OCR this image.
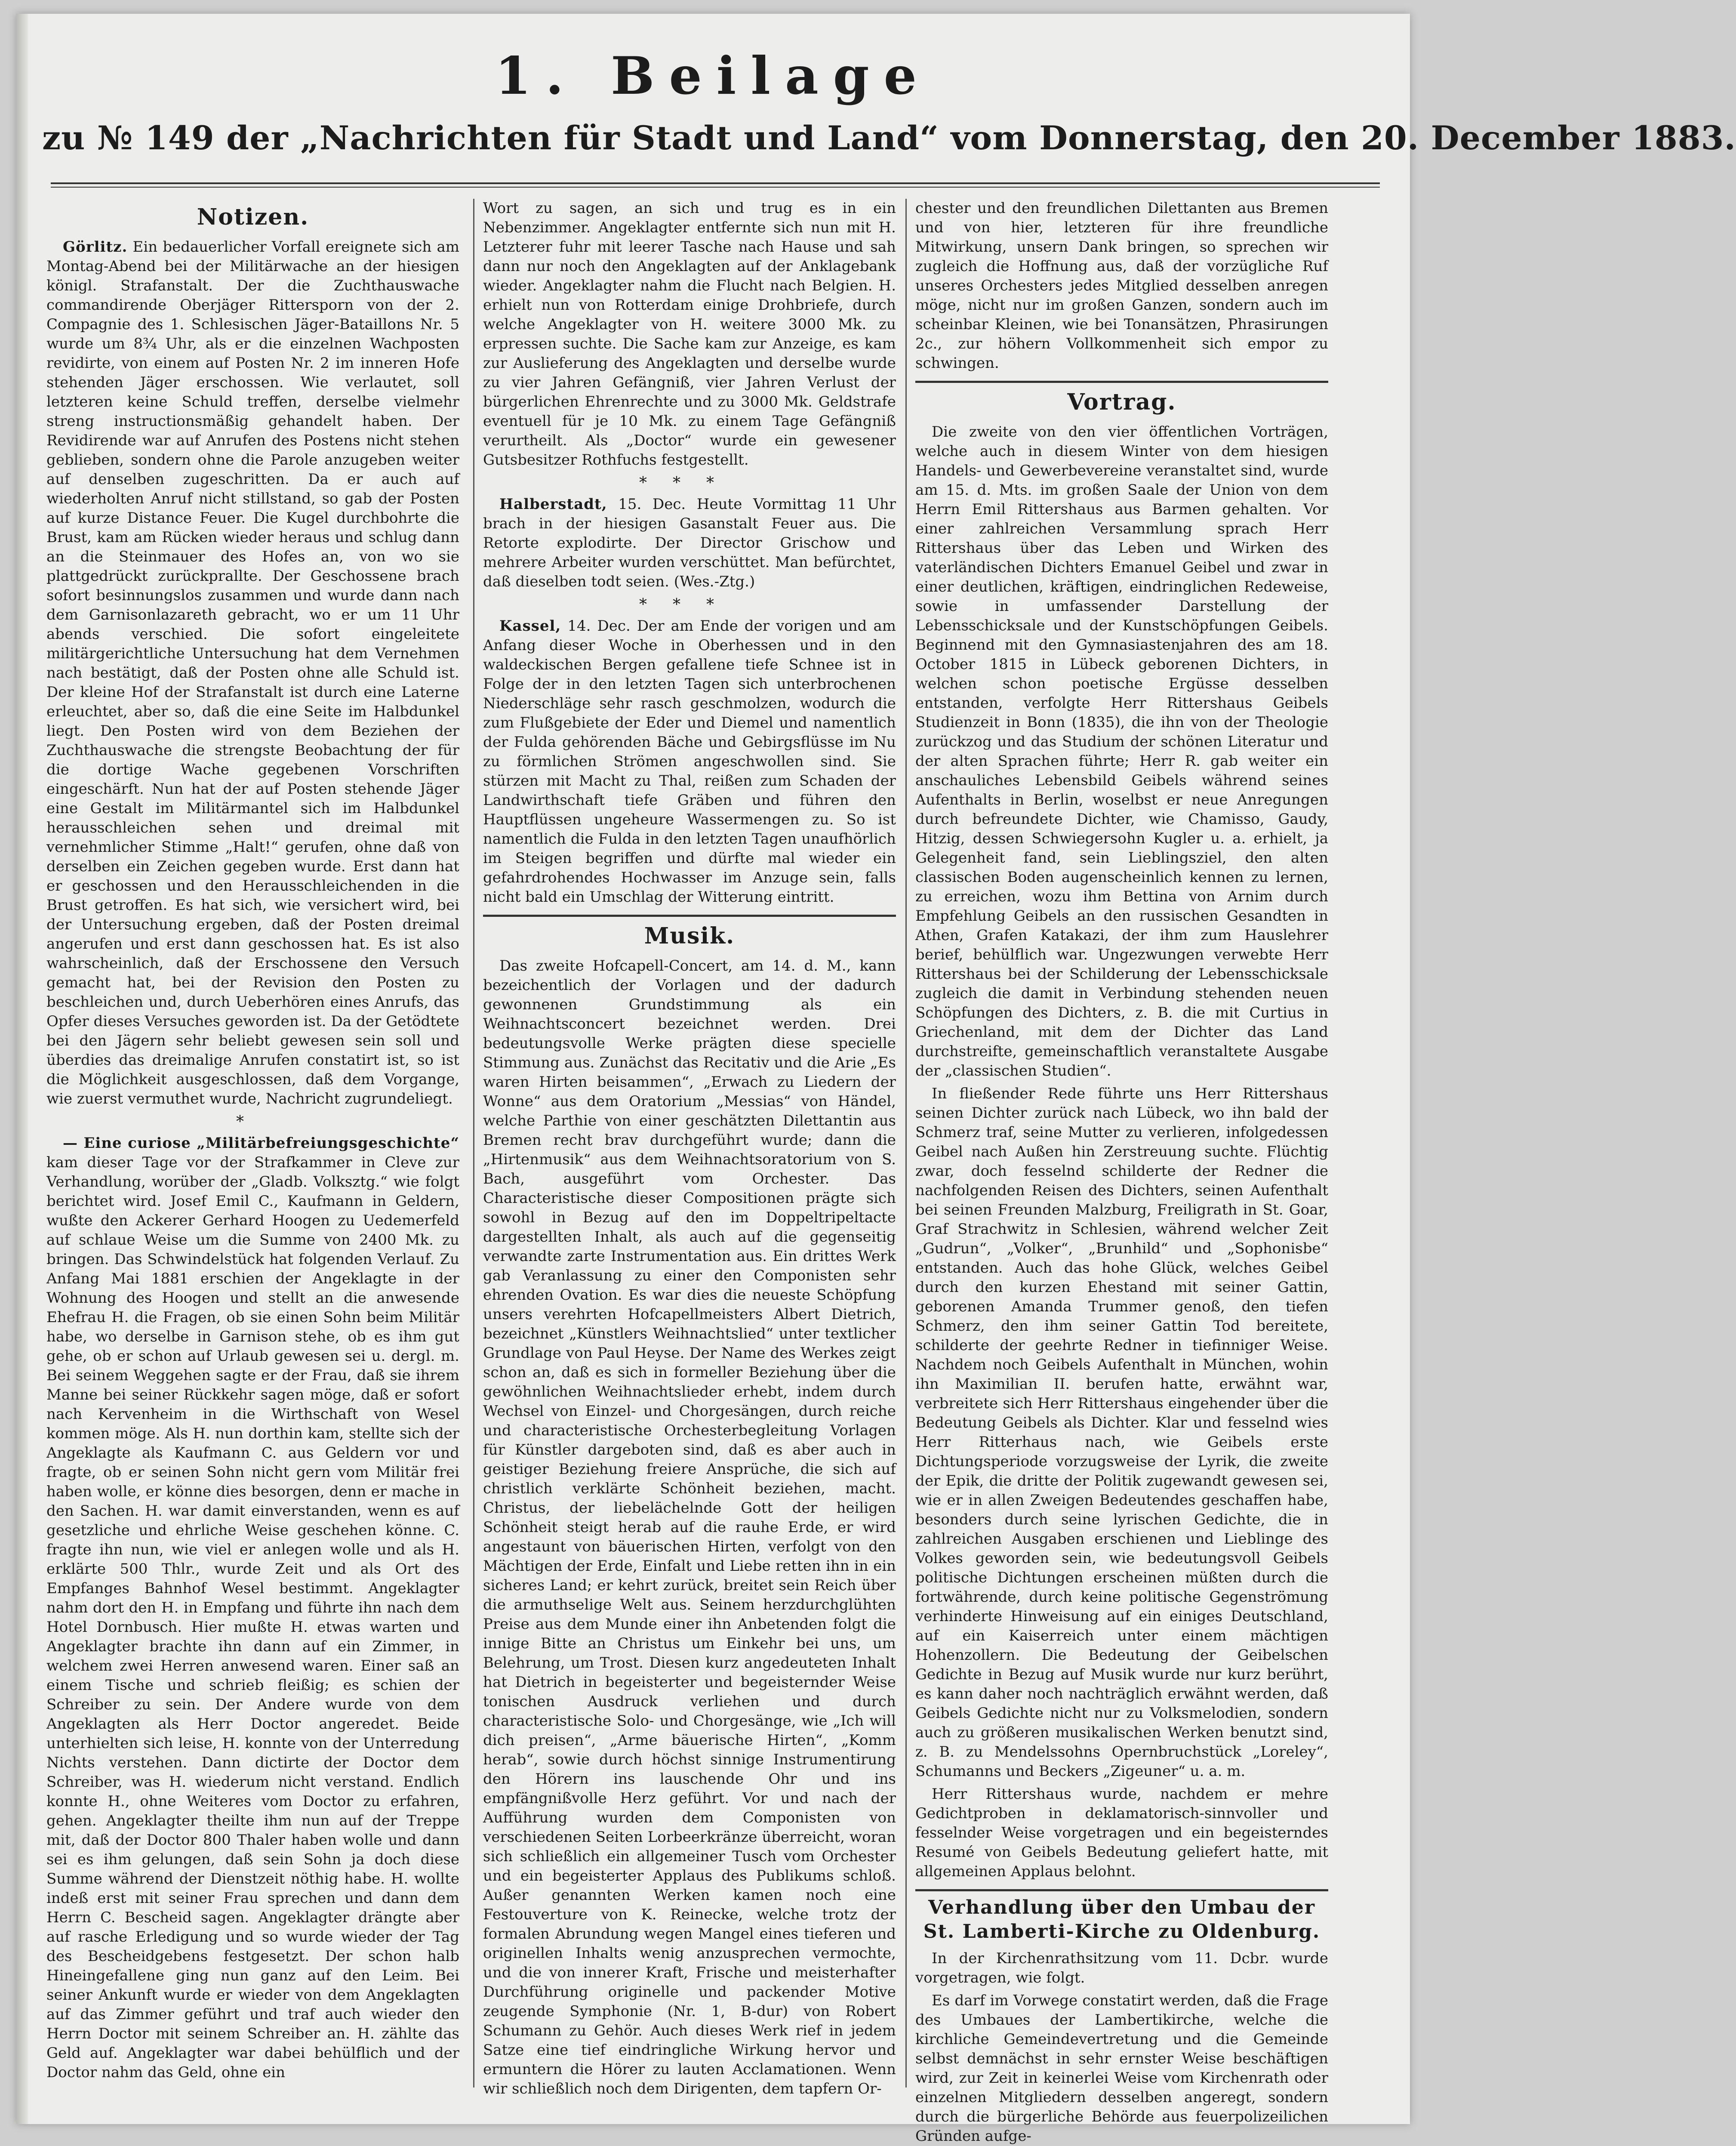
1. Beilage
zu № 149 der „Nachrichten für Stadt und Land“ vom Donnerstag, den 20. December 1883.
Notizen.

Görlitz. Ein bedauerlicher Vorfall ereignete sich am Montag-Abend bei der Militärwache an der hiesigen königl. Strafanstalt. Der die Zuchthauswache commandirende Oberjäger Rittersporn von der 2. Compagnie des 1. Schlesischen Jäger-Bataillons Nr. 5 wurde um 8¾ Uhr, als er die einzelnen Wachposten revidirte, von einem auf Posten Nr. 2 im inneren Hofe stehenden Jäger erschossen. Wie verlautet, soll letzteren keine Schuld treffen, derselbe vielmehr streng instructionsmäßig gehandelt haben. Der Revidirende war auf Anrufen des Postens nicht stehen geblieben, sondern ohne die Parole anzugeben weiter auf denselben zugeschritten. Da er auch auf wiederholten Anruf nicht stillstand, so gab der Posten auf kurze Distance Feuer. Die Kugel durchbohrte die Brust, kam am Rücken wieder heraus und schlug dann an die Steinmauer des Hofes an, von wo sie plattgedrückt zurückprallte. Der Geschossene brach sofort besinnungslos zusammen und wurde dann nach dem Garnisonlazareth gebracht, wo er um 11 Uhr abends verschied. Die sofort eingeleitete militärgerichtliche Untersuchung hat dem Vernehmen nach bestätigt, daß der Posten ohne alle Schuld ist. Der kleine Hof der Strafanstalt ist durch eine Laterne erleuchtet, aber so, daß die eine Seite im Halbdunkel liegt. Den Posten wird von dem Beziehen der Zuchthauswache die strengste Beobachtung der für die dortige Wache gegebenen Vorschriften eingeschärft. Nun hat der auf Posten stehende Jäger eine Gestalt im Militärmantel sich im Halbdunkel herausschleichen sehen und dreimal mit vernehmlicher Stimme „Halt!“ gerufen, ohne daß von derselben ein Zeichen gegeben wurde. Erst dann hat er geschossen und den Herausschleichenden in die Brust getroffen. Es hat sich, wie versichert wird, bei der Untersuchung ergeben, daß der Posten dreimal angerufen und erst dann geschossen hat. Es ist also wahrscheinlich, daß der Erschossene den Versuch gemacht hat, bei der Revision den Posten zu beschleichen und, durch Ueberhören eines Anrufs, das Opfer dieses Versuches geworden ist. Da der Getödtete bei den Jägern sehr beliebt gewesen sein soll und überdies das dreimalige Anrufen constatirt ist, so ist die Möglichkeit ausgeschlossen, daß dem Vorgange, wie zuerst vermuthet wurde, Nachricht zugrundeliegt.

*

— Eine curiose „Militärbefreiungsgeschichte“ kam dieser Tage vor der Strafkammer in Cleve zur Verhandlung, worüber der „Gladb. Volksztg.“ wie folgt berichtet wird. Josef Emil C., Kaufmann in Geldern, wußte den Ackerer Gerhard Hoogen zu Uedemerfeld auf schlaue Weise um die Summe von 2400 Mk. zu bringen. Das Schwindelstück hat folgenden Verlauf. Zu Anfang Mai 1881 erschien der Angeklagte in der Wohnung des Hoogen und stellt an die anwesende Ehefrau H. die Fragen, ob sie einen Sohn beim Militär habe, wo derselbe in Garnison stehe, ob es ihm gut gehe, ob er schon auf Urlaub gewesen sei u. dergl. m. Bei seinem Weggehen sagte er der Frau, daß sie ihrem Manne bei seiner Rückkehr sagen möge, daß er sofort nach Kervenheim in die Wirthschaft von Wesel kommen möge. Als H. nun dorthin kam, stellte sich der Angeklagte als Kaufmann C. aus Geldern vor und fragte, ob er seinen Sohn nicht gern vom Militär frei haben wolle, er könne dies besorgen, denn er mache in den Sachen. H. war damit einverstanden, wenn es auf gesetzliche und ehrliche Weise geschehen könne. C. fragte ihn nun, wie viel er anlegen wolle und als H. erklärte 500 Thlr., wurde Zeit und als Ort des Empfanges Bahnhof Wesel bestimmt. Angeklagter nahm dort den H. in Empfang und führte ihn nach dem Hotel Dornbusch. Hier mußte H. etwas warten und Angeklagter brachte ihn dann auf ein Zimmer, in welchem zwei Herren anwesend waren. Einer saß an einem Tische und schrieb fleißig; es schien der Schreiber zu sein. Der Andere wurde von dem Angeklagten als Herr Doctor angeredet. Beide unterhielten sich leise, H. konnte von der Unterredung Nichts verstehen. Dann dictirte der Doctor dem Schreiber, was H. wiederum nicht verstand. Endlich konnte H., ohne Weiteres vom Doctor zu erfahren, gehen. Angeklagter theilte ihm nun auf der Treppe mit, daß der Doctor 800 Thaler haben wolle und dann sei es ihm gelungen, daß sein Sohn ja doch diese Summe während der Dienstzeit nöthig habe. H. wollte indeß erst mit seiner Frau sprechen und dann dem Herrn C. Bescheid sagen. Angeklagter drängte aber auf rasche Erledigung und so wurde wieder der Tag des Bescheidgebens festgesetzt. Der schon halb Hineingefallene ging nun ganz auf den Leim. Bei seiner Ankunft wurde er wieder von dem Angeklagten auf das Zimmer geführt und traf auch wieder den Herrn Doctor mit seinem Schreiber an. H. zählte das Geld auf. Angeklagter war dabei behülflich und der Doctor nahm das Geld, ohne ein

Wort zu sagen, an sich und trug es in ein Nebenzimmer. Angeklagter entfernte sich nun mit H. Letzterer fuhr mit leerer Tasche nach Hause und sah dann nur noch den Angeklagten auf der Anklagebank wieder. Angeklagter nahm die Flucht nach Belgien. H. erhielt nun von Rotterdam einige Drohbriefe, durch welche Angeklagter von H. weitere 3000 Mk. zu erpressen suchte. Die Sache kam zur Anzeige, es kam zur Auslieferung des Angeklagten und derselbe wurde zu vier Jahren Gefängniß, vier Jahren Verlust der bürgerlichen Ehrenrechte und zu 3000 Mk. Geldstrafe eventuell für je 10 Mk. zu einem Tage Gefängniß verurtheilt. Als „Doctor“ wurde ein gewesener Gutsbesitzer Rothfuchs festgestellt.

***

Halberstadt, 15. Dec. Heute Vormittag 11 Uhr brach in der hiesigen Gasanstalt Feuer aus. Die Retorte explodirte. Der Director Grischow und mehrere Arbeiter wurden verschüttet. Man befürchtet, daß dieselben todt seien. (Wes.-Ztg.)

***

Kassel, 14. Dec. Der am Ende der vorigen und am Anfang dieser Woche in Oberhessen und in den waldeckischen Bergen gefallene tiefe Schnee ist in Folge der in den letzten Tagen sich unterbrochenen Niederschläge sehr rasch geschmolzen, wodurch die zum Flußgebiete der Eder und Diemel und namentlich der Fulda gehörenden Bäche und Gebirgsflüsse im Nu zu förmlichen Strömen angeschwollen sind. Sie stürzen mit Macht zu Thal, reißen zum Schaden der Landwirthschaft tiefe Gräben und führen den Hauptflüssen ungeheure Wassermengen zu. So ist namentlich die Fulda in den letzten Tagen unaufhörlich im Steigen begriffen und dürfte mal wieder ein gefahrdrohendes Hochwasser im Anzuge sein, falls nicht bald ein Umschlag der Witterung eintritt.

Musik.

Das zweite Hofcapell-Concert, am 14. d. M., kann bezeichentlich der Vorlagen und der dadurch gewonnenen Grundstimmung als ein Weihnachtsconcert bezeichnet werden. Drei bedeutungsvolle Werke prägten diese specielle Stimmung aus. Zunächst das Recitativ und die Arie „Es waren Hirten beisammen“, „Erwach zu Liedern der Wonne“ aus dem Oratorium „Messias“ von Händel, welche Parthie von einer geschätzten Dilettantin aus Bremen recht brav durchgeführt wurde; dann die „Hirtenmusik“ aus dem Weihnachtsoratorium von S. Bach, ausgeführt vom Orchester. Das Characteristische dieser Compositionen prägte sich sowohl in Bezug auf den im Doppeltripeltacte dargestellten Inhalt, als auch auf die gegenseitig verwandte zarte Instrumentation aus. Ein drittes Werk gab Veranlassung zu einer den Componisten sehr ehrenden Ovation. Es war dies die neueste Schöpfung unsers verehrten Hofcapellmeisters Albert Dietrich, bezeichnet „Künstlers Weihnachtslied“ unter textlicher Grundlage von Paul Heyse. Der Name des Werkes zeigt schon an, daß es sich in formeller Beziehung über die gewöhnlichen Weihnachtslieder erhebt, indem durch Wechsel von Einzel- und Chorgesängen, durch reiche und characteristische Orchesterbegleitung Vorlagen für Künstler dargeboten sind, daß es aber auch in geistiger Beziehung freiere Ansprüche, die sich auf christlich verklärte Schönheit beziehen, macht. Christus, der liebelächelnde Gott der heiligen Schönheit steigt herab auf die rauhe Erde, er wird angestaunt von bäuerischen Hirten, verfolgt von den Mächtigen der Erde, Einfalt und Liebe retten ihn in ein sicheres Land; er kehrt zurück, breitet sein Reich über die armuthselige Welt aus. Seinem herzdurchglühten Preise aus dem Munde einer ihn Anbetenden folgt die innige Bitte an Christus um Einkehr bei uns, um Belehrung, um Trost. Diesen kurz angedeuteten Inhalt hat Dietrich in begeisterter und begeisternder Weise tonischen Ausdruck verliehen und durch characteristische Solo- und Chorgesänge, wie „Ich will dich preisen“, „Arme bäuerische Hirten“, „Komm herab“, sowie durch höchst sinnige Instrumentirung den Hörern ins lauschende Ohr und ins empfängnißvolle Herz geführt. Vor und nach der Aufführung wurden dem Componisten von verschiedenen Seiten Lorbeerkränze überreicht, woran sich schließlich ein allgemeiner Tusch vom Orchester und ein begeisterter Applaus des Publikums schloß. Außer genannten Werken kamen noch eine Festouverture von K. Reinecke, welche trotz der formalen Abrundung wegen Mangel eines tieferen und originellen Inhalts wenig anzusprechen vermochte, und die von innerer Kraft, Frische und meisterhafter Durchführung originelle und packender Motive zeugende Symphonie (Nr. 1, B-dur) von Robert Schumann zu Gehör. Auch dieses Werk rief in jedem Satze eine tief eindringliche Wirkung hervor und ermuntern die Hörer zu lauten Acclamationen. Wenn wir schließlich noch dem Dirigenten, dem tapfern Or-

chester und den freundlichen Dilettanten aus Bremen und von hier, letzteren für ihre freundliche Mitwirkung, unsern Dank bringen, so sprechen wir zugleich die Hoffnung aus, daß der vorzügliche Ruf unseres Orchesters jedes Mitglied desselben anregen möge, nicht nur im großen Ganzen, sondern auch im scheinbar Kleinen, wie bei Tonansätzen, Phrasirungen 2c., zur höhern Vollkommenheit sich empor zu schwingen.

Vortrag.

Die zweite von den vier öffentlichen Vorträgen, welche auch in diesem Winter von dem hiesigen Handels- und Gewerbevereine veranstaltet sind, wurde am 15. d. Mts. im großen Saale der Union von dem Herrn Emil Rittershaus aus Barmen gehalten. Vor einer zahlreichen Versammlung sprach Herr Rittershaus über das Leben und Wirken des vaterländischen Dichters Emanuel Geibel und zwar in einer deutlichen, kräftigen, eindringlichen Redeweise, sowie in umfassender Darstellung der Lebensschicksale und der Kunstschöpfungen Geibels. Beginnend mit den Gymnasiastenjahren des am 18. October 1815 in Lübeck geborenen Dichters, in welchen schon poetische Ergüsse desselben entstanden, verfolgte Herr Rittershaus Geibels Studienzeit in Bonn (1835), die ihn von der Theologie zurückzog und das Studium der schönen Literatur und der alten Sprachen führte; Herr R. gab weiter ein anschauliches Lebensbild Geibels während seines Aufenthalts in Berlin, woselbst er neue Anregungen durch befreundete Dichter, wie Chamisso, Gaudy, Hitzig, dessen Schwiegersohn Kugler u. a. erhielt, ja Gelegenheit fand, sein Lieblingsziel, den alten classischen Boden augenscheinlich kennen zu lernen, zu erreichen, wozu ihm Bettina von Arnim durch Empfehlung Geibels an den russischen Gesandten in Athen, Grafen Katakazi, der ihm zum Hauslehrer berief, behülflich war. Ungezwungen verwebte Herr Rittershaus bei der Schilderung der Lebensschicksale zugleich die damit in Verbindung stehenden neuen Schöpfungen des Dichters, z. B. die mit Curtius in Griechenland, mit dem der Dichter das Land durchstreifte, gemeinschaftlich veranstaltete Ausgabe der „classischen Studien“.

In fließender Rede führte uns Herr Rittershaus seinen Dichter zurück nach Lübeck, wo ihn bald der Schmerz traf, seine Mutter zu verlieren, infolgedessen Geibel nach Außen hin Zerstreuung suchte. Flüchtig zwar, doch fesselnd schilderte der Redner die nachfolgenden Reisen des Dichters, seinen Aufenthalt bei seinen Freunden Malzburg, Freiligrath in St. Goar, Graf Strachwitz in Schlesien, während welcher Zeit „Gudrun“, „Volker“, „Brunhild“ und „Sophonisbe“ entstanden. Auch das hohe Glück, welches Geibel durch den kurzen Ehestand mit seiner Gattin, geborenen Amanda Trummer genoß, den tiefen Schmerz, den ihm seiner Gattin Tod bereitete, schilderte der geehrte Redner in tiefinniger Weise. Nachdem noch Geibels Aufenthalt in München, wohin ihn Maximilian II. berufen hatte, erwähnt war, verbreitete sich Herr Rittershaus eingehender über die Bedeutung Geibels als Dichter. Klar und fesselnd wies Herr Ritterhaus nach, wie Geibels erste Dichtungsperiode vorzugsweise der Lyrik, die zweite der Epik, die dritte der Politik zugewandt gewesen sei, wie er in allen Zweigen Bedeutendes geschaffen habe, besonders durch seine lyrischen Gedichte, die in zahlreichen Ausgaben erschienen und Lieblinge des Volkes geworden sein, wie bedeutungsvoll Geibels politische Dichtungen erscheinen müßten durch die fortwährende, durch keine politische Gegenströmung verhinderte Hinweisung auf ein einiges Deutschland, auf ein Kaiserreich unter einem mächtigen Hohenzollern. Die Bedeutung der Geibelschen Gedichte in Bezug auf Musik wurde nur kurz berührt, es kann daher noch nachträglich erwähnt werden, daß Geibels Gedichte nicht nur zu Volksmelodien, sondern auch zu größeren musikalischen Werken benutzt sind, z. B. zu Mendelssohns Opernbruchstück „Loreley“, Schumanns und Beckers „Zigeuner“ u. a. m.

Herr Rittershaus wurde, nachdem er mehre Gedichtproben in deklamatorisch-sinnvoller und fesselnder Weise vorgetragen und ein begeisterndes Resumé von Geibels Bedeutung geliefert hatte, mit allgemeinen Applaus belohnt.

Verhandlung über den Umbau der St. Lamberti-Kirche zu Oldenburg.

In der Kirchenrathsitzung vom 11. Dcbr. wurde vorgetragen, wie folgt.

Es darf im Vorwege constatirt werden, daß die Frage des Umbaues der Lambertikirche, welche die kirchliche Gemeindevertretung und die Gemeinde selbst demnächst in sehr ernster Weise beschäftigen wird, zur Zeit in keinerlei Weise vom Kirchenrath oder einzelnen Mitgliedern desselben angeregt, sondern durch die bürgerliche Behörde aus feuerpolizeilichen Gründen aufge-
